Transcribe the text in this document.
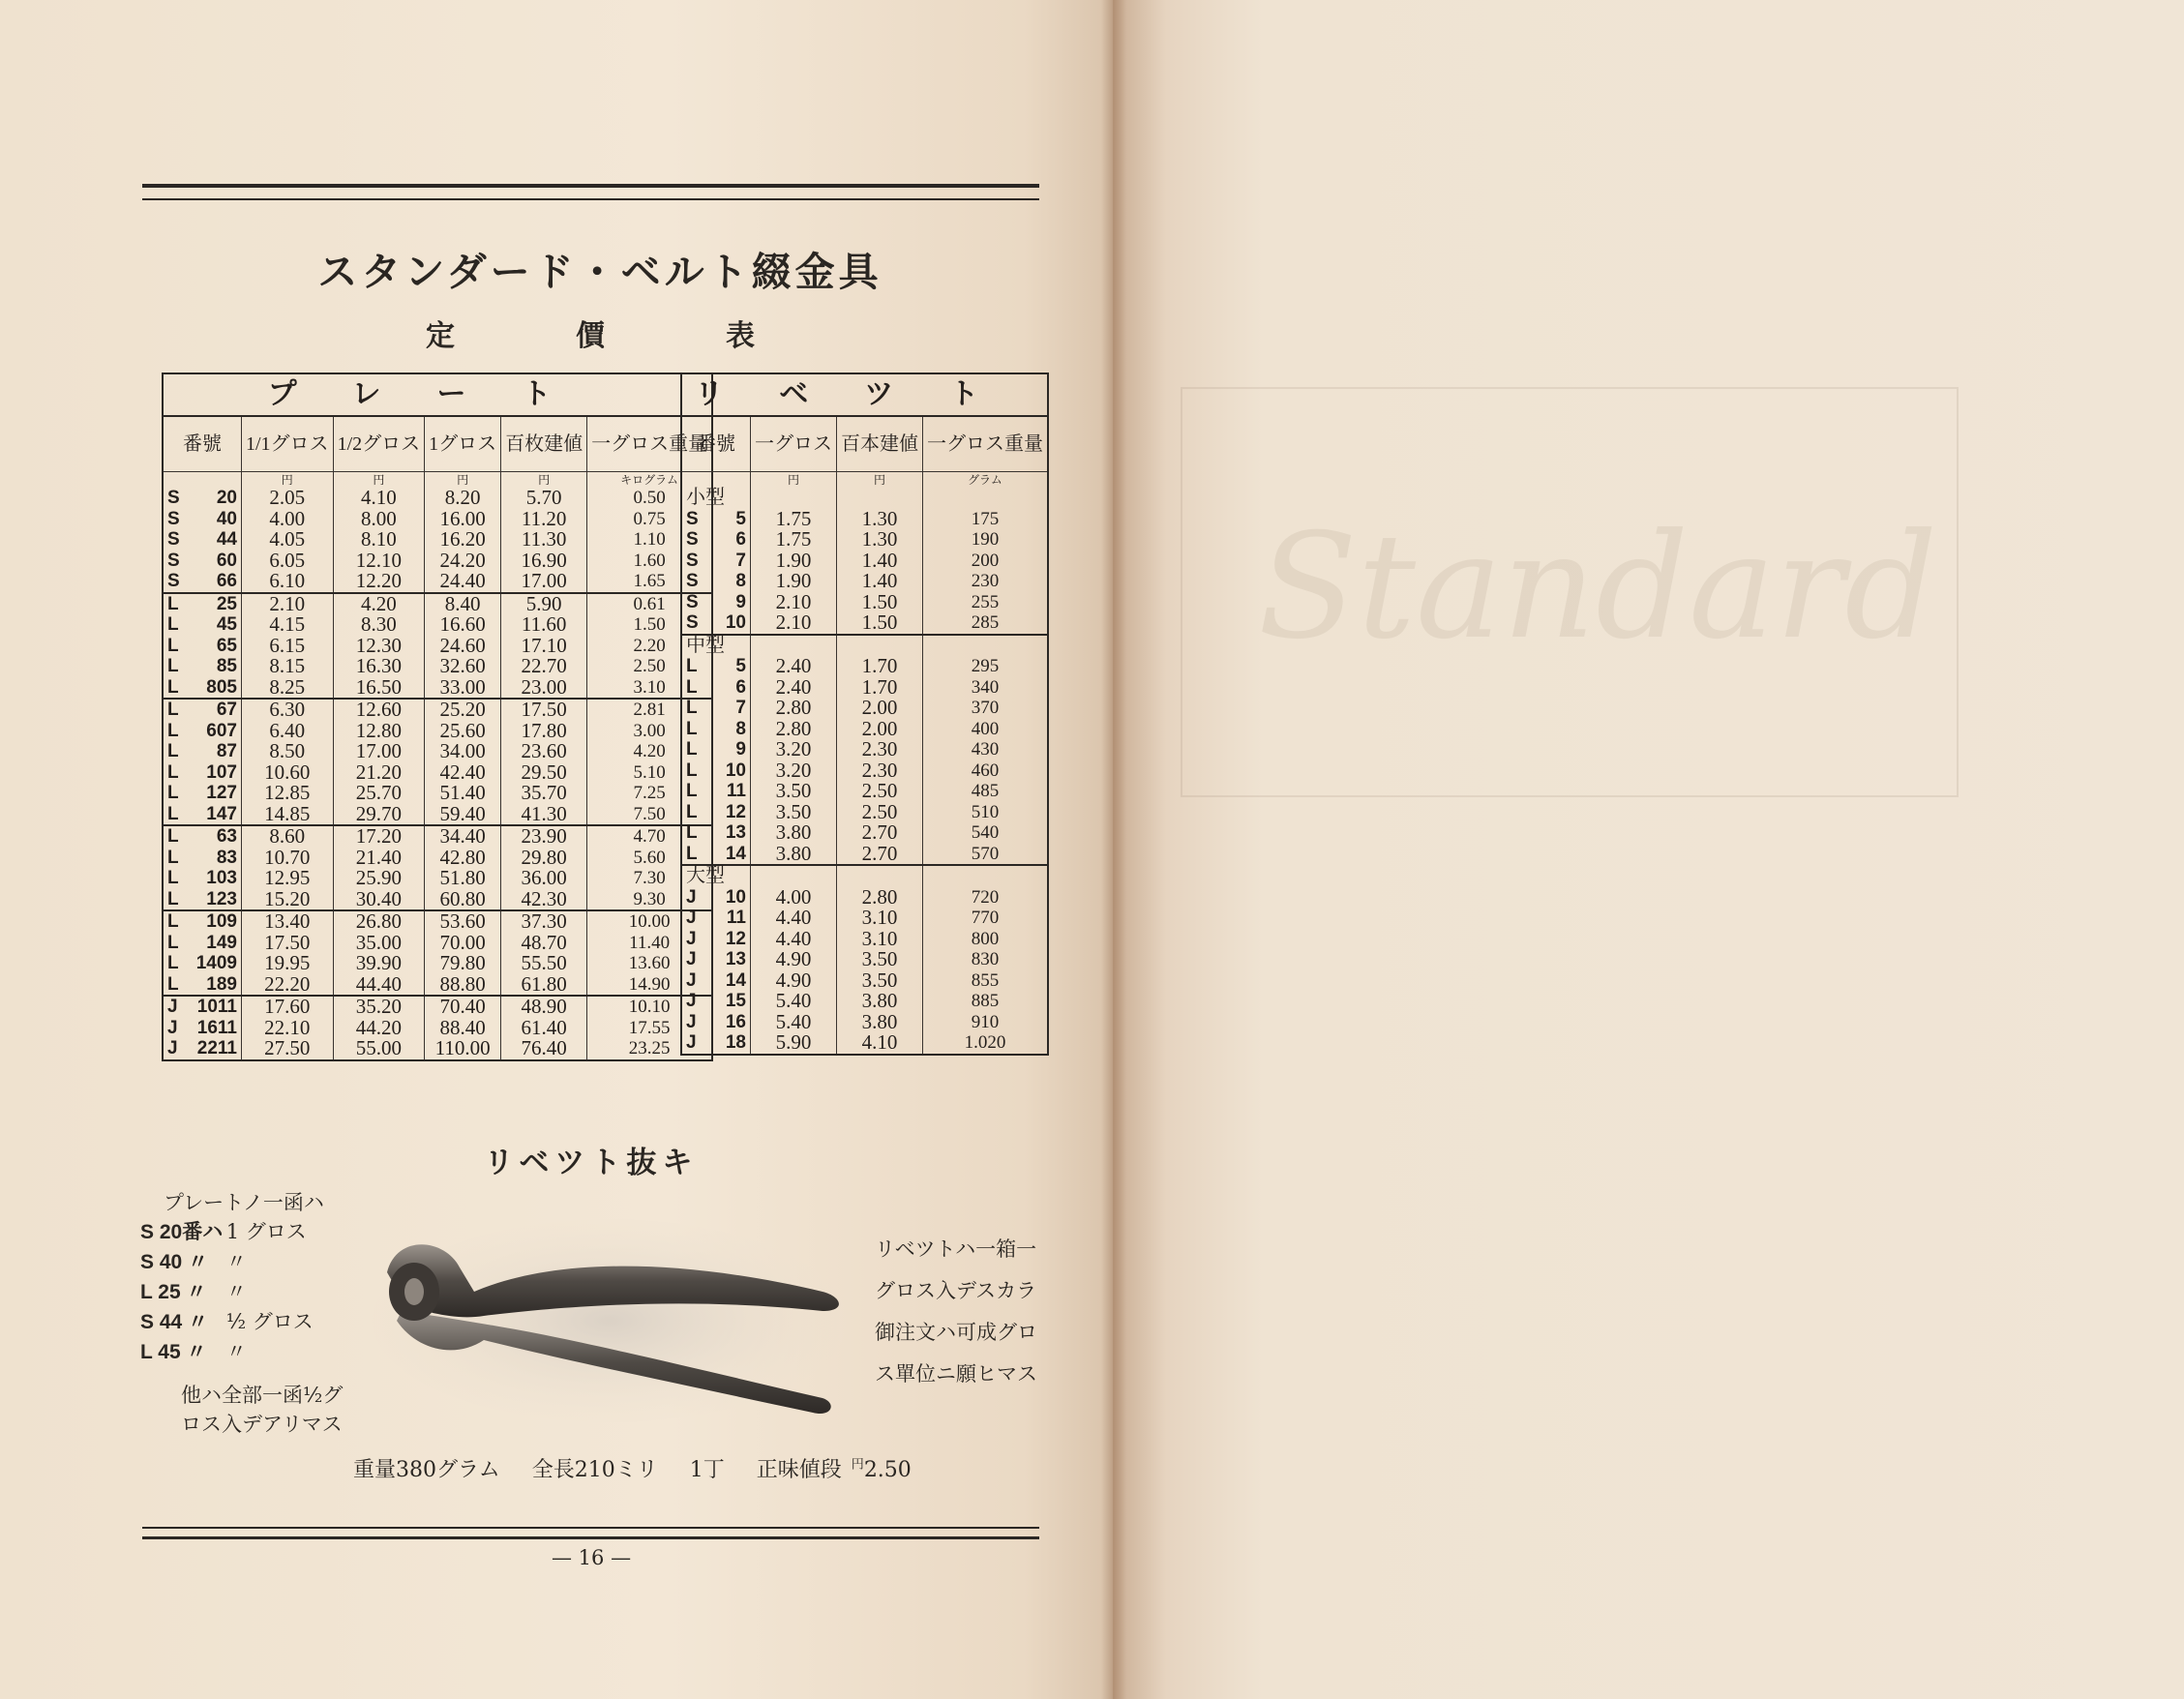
Standard
スタンダード・ベルト綴金具
定	價	表
プレート					
番號	1/1グロス	1/2グロス	1グロス	百枚建値	一グロス重量
	円	円	円	円	キログラム
S 20	2.05	4.10	8.20	5.70	0.50
S 40	4.00	8.00	16.00	11.20	0.75
S 44	4.05	8.10	16.20	11.30	1.10
S 60	6.05	12.10	24.20	16.90	1.60
S 66	6.10	12.20	24.40	17.00	1.65
L 25	2.10	4.20	8.40	5.90	0.61
L 45	4.15	8.30	16.60	11.60	1.50
L 65	6.15	12.30	24.60	17.10	2.20
L 85	8.15	16.30	32.60	22.70	2.50
L 805	8.25	16.50	33.00	23.00	3.10
L 67	6.30	12.60	25.20	17.50	2.81
L 607	6.40	12.80	25.60	17.80	3.00
L 87	8.50	17.00	34.00	23.60	4.20
L 107	10.60	21.20	42.40	29.50	5.10
L 127	12.85	25.70	51.40	35.70	7.25
L 147	14.85	29.70	59.40	41.30	7.50
L 63	8.60	17.20	34.40	23.90	4.70
L 83	10.70	21.40	42.80	29.80	5.60
L 103	12.95	25.90	51.80	36.00	7.30
L 123	15.20	30.40	60.80	42.30	9.30
L 109	13.40	26.80	53.60	37.30	10.00
L 149	17.50	35.00	70.00	48.70	11.40
L 1409	19.95	39.90	79.80	55.50	13.60
L 189	22.20	44.40	88.80	61.80	14.90
J 1011	17.60	35.20	70.40	48.90	10.10
J 1611	22.10	44.20	88.40	61.40	17.55
J 2211	27.50	55.00	110.00	76.40	23.25
リベツト			
番號	一グロス	百本建値	一グロス重量
	円	円	グラム
小型			
S 5	1.75	1.30	175
S 6	1.75	1.30	190
S 7	1.90	1.40	200
S 8	1.90	1.40	230
S 9	2.10	1.50	255
S 10	2.10	1.50	285
中型			
L 5	2.40	1.70	295
L 6	2.40	1.70	340
L 7	2.80	2.00	370
L 8	2.80	2.00	400
L 9	3.20	2.30	430
L 10	3.20	2.30	460
L 11	3.50	2.50	485
L 12	3.50	2.50	510
L 13	3.80	2.70	540
L 14	3.80	2.70	570
大型			
J 10	4.00	2.80	720
J 11	4.40	3.10	770
J 12	4.40	3.10	800
J 13	4.90	3.50	830
J 14	4.90	3.50	855
J 15	5.40	3.80	885
J 16	5.40	3.80	910
J 18	5.90	4.10	1.020
リベツト抜キ
プレートノ一函ハ
S 20番ハ 1 グロス
S 40 〃 〃
L 25 〃 〃
S 44 〃 ½ グロス
L 45 〃 〃
他ハ全部一函½グ
ロス入デアリマス
リベツトハ一箱一
グロス入デスカラ
御注文ハ可成グロ
ス單位ニ願ヒマス
重量380グラム 全長210ミリ 1丁 正味値段 $^円$2.50
— 16 —
